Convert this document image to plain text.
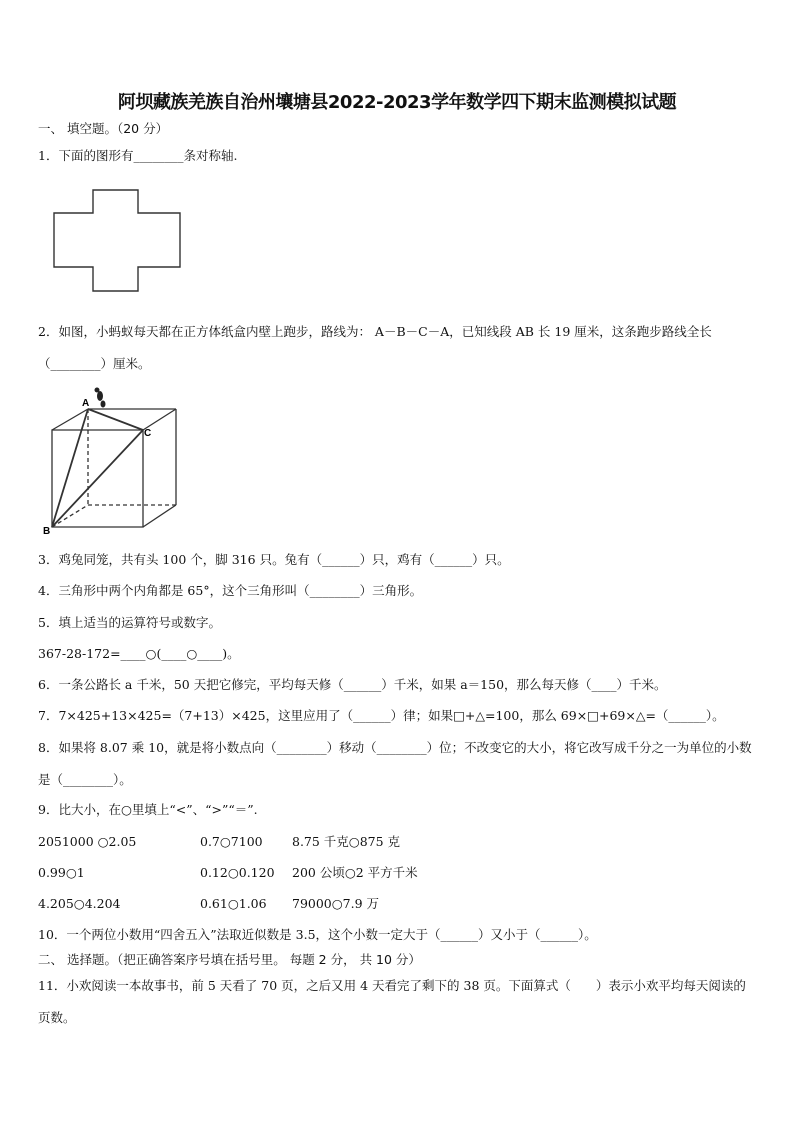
阿坝藏族羌族自治州壤塘县2022-2023学年数学四下期末监测模拟试题
一、 填空题。（20 分）
1．下面的图形有________条对称轴.
2．如图，小蚂蚁每天都在正方体纸盒内壁上跑步，路线为： A－B－C－A，已知线段 AB 长 19 厘米，这条跑步路线全长（________）厘米。
A
B
C
3．鸡兔同笼，共有头 100 个，脚 316 只。兔有（______）只，鸡有（______）只。
4．三角形中两个内角都是 65°，这个三角形叫（________）三角形。
5．填上适当的运算符号或数字。
367-28-172=____○(____○____)。
6．一条公路长 a 千米，50 天把它修完，平均每天修（______）千米，如果 a＝150，那么每天修（____）千米。
7．7×425+13×425=（7+13）×425，这里应用了（______）律；如果□+△=100，那么 69×□+69×△=（______）。
8．如果将 8.07 乘 10，就是将小数点向（________）移动（________）位；不改变它的大小，将它改写成千分之一为单位的小数是（________）。
9．比大小，在○里填上“<”、“>”“＝”.
2051000 ○2.05	0.7○7100 8.75 千克○875 克
0.99○1	0.12○0.120 200 公顷○2 平方千米
4.205○4.204	0.61○1.06 79000○7.9 万
10．一个两位小数用“四舍五入”法取近似数是 3.5，这个小数一定大于（______）又小于（______）。
二、 选择题。（把正确答案序号填在括号里。 每题 2 分， 共 10 分）
11．小欢阅读一本故事书，前 5 天看了 70 页，之后又用 4 天看完了剩下的 38 页。下面算式（　　）表示小欢平均每天阅读的页数。
